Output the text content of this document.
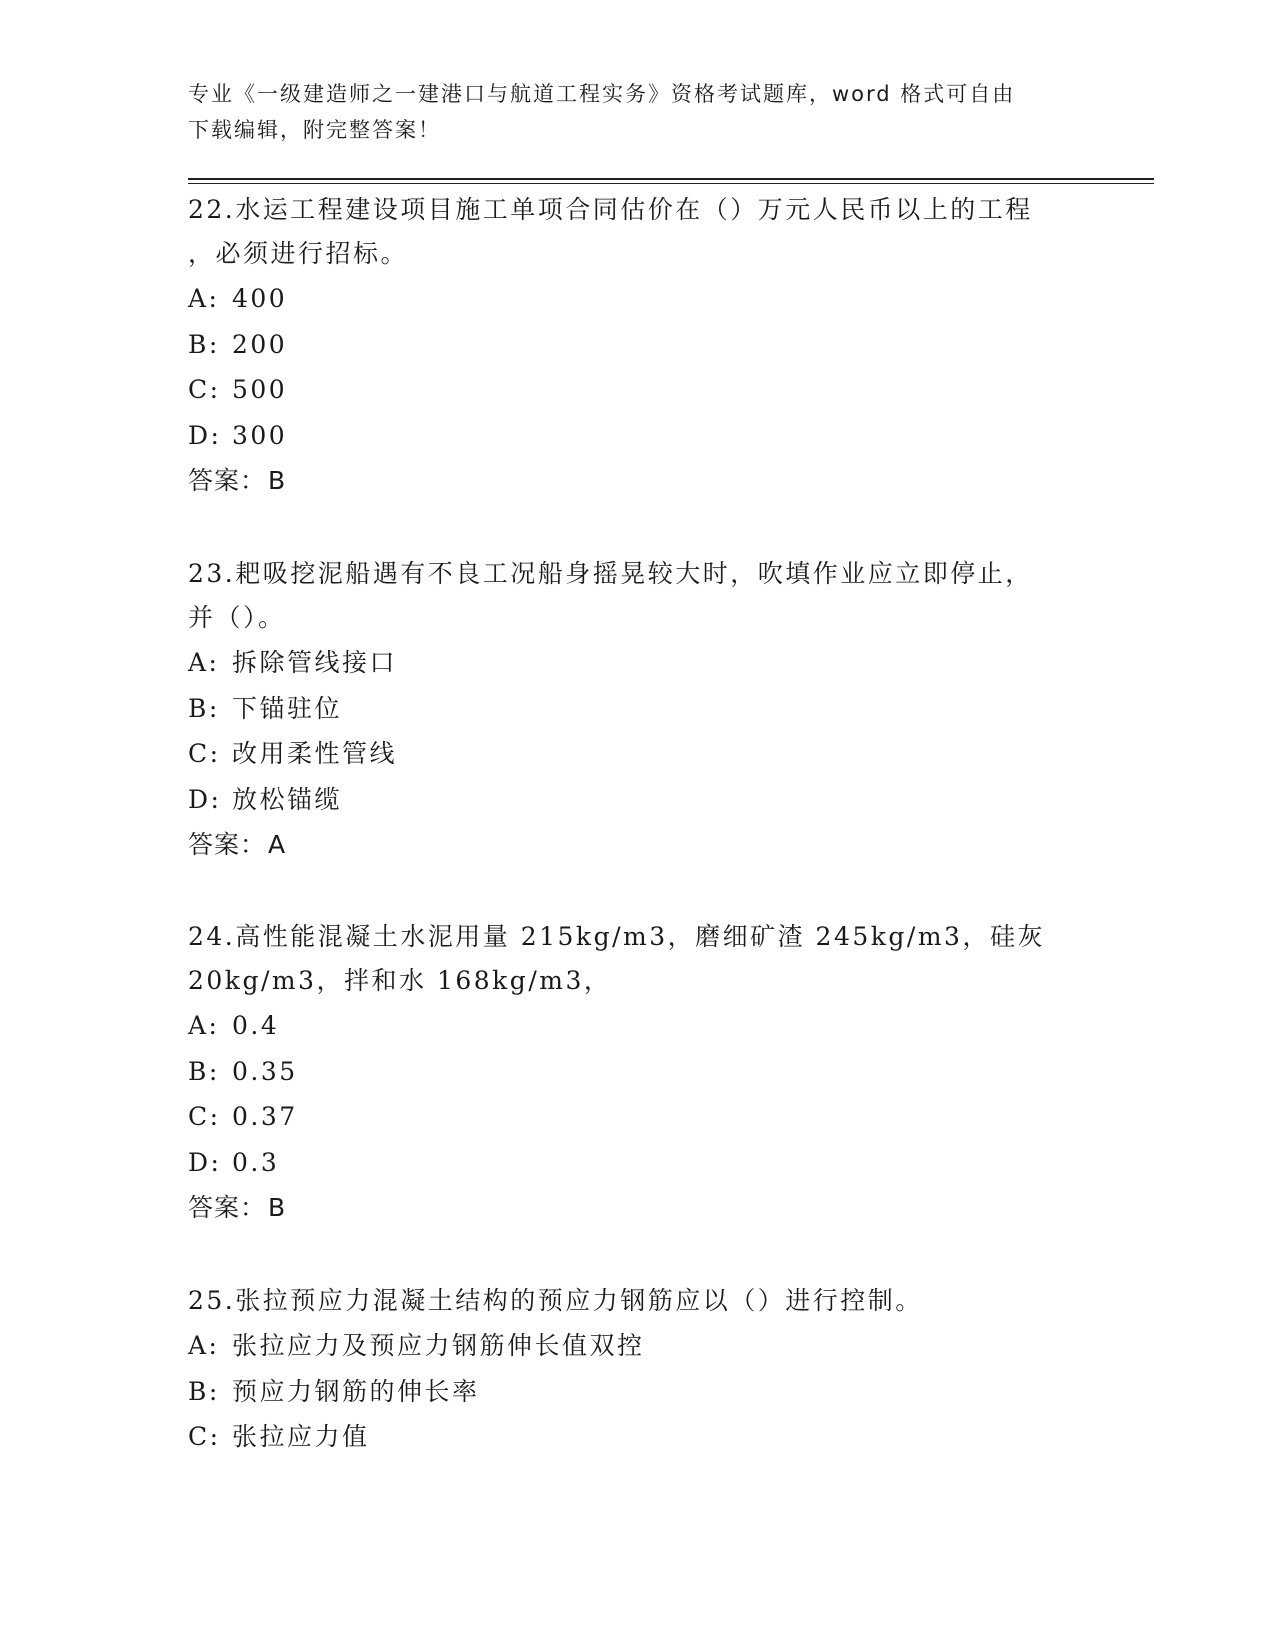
专业《一级建造师之一建港口与航道工程实务》资格考试题库，word 格式可自由
下载编辑，附完整答案！

22.水运工程建设项目施工单项合同估价在（）万元人民币以上的工程

，必须进行招标。

A: 400

B: 200

C: 500

D: 300

答案：B

23.耙吸挖泥船遇有不良工况船身摇晃较大时，吹填作业应立即停止，

并（）。

A: 拆除管线接口

B: 下锚驻位

C: 改用柔性管线

D: 放松锚缆

答案：A

24.高性能混凝土水泥用量 215kg/m3，磨细矿渣 245kg/m3，硅灰

20kg/m3，拌和水 168kg/m3，

A: 0.4

B: 0.35

C: 0.37

D: 0.3

答案：B

25.张拉预应力混凝土结构的预应力钢筋应以（）进行控制。

A: 张拉应力及预应力钢筋伸长值双控

B: 预应力钢筋的伸长率

C: 张拉应力值
